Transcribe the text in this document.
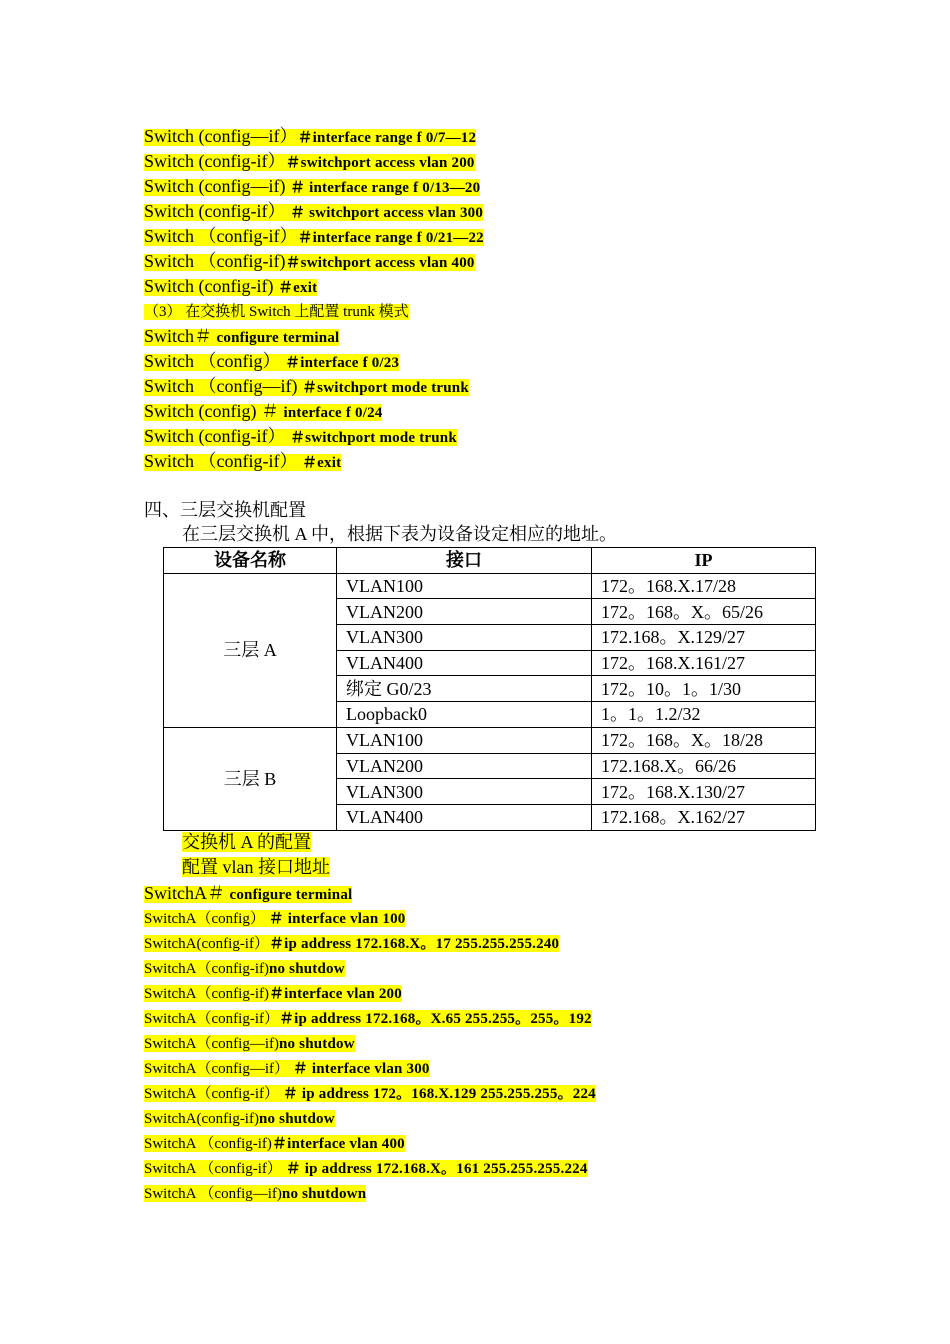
Switch (config—if）＃interface range f 0/7—12
Switch (config-if）＃switchport access vlan 200
Switch (config—if) ＃ interface range f 0/13—20
Switch (config-if） ＃ switchport access vlan 300
Switch （config-if）＃interface range f 0/21—22
Switch （config-if)＃switchport access vlan 400
Switch (config-if) ＃exit
（3） 在交换机 Switch 上配置 trunk 模式
Switch＃ configure terminal
Switch （config） ＃interface f 0/23
Switch （config—if) ＃switchport mode trunk
Switch (config) ＃ interface f 0/24
Switch (config-if） ＃switchport mode trunk
Switch （config-if） ＃exit
四、三层交换机配置
在三层交换机 A 中，根据下表为设备设定相应的地址。
设备名称	接口	IP
三层 A	VLAN100	172。168.X.17/28
	VLAN200	172。168。X。65/26
	VLAN300	172.168。X.129/27
	VLAN400	172。168.X.161/27
	绑定 G0/23	172。10。1。1/30
	Loopback0	1。1。1.2/32
三层 B	VLAN100	172。168。X。18/28
	VLAN200	172.168.X。66/26
	VLAN300	172。168.X.130/27
	VLAN400	172.168。X.162/27
交换机 A 的配置
配置 vlan 接口地址
SwitchA＃ configure terminal
SwitchA（config） ＃ interface vlan 100
SwitchA(config-if）＃ip address 172.168.X。17 255.255.255.240
SwitchA（config-if)no shutdow
SwitchA（config-if)＃interface vlan 200
SwitchA（config-if）＃ip address 172.168。X.65 255.255。255。192
SwitchA（config—if)no shutdow
SwitchA（config—if） ＃ interface vlan 300
SwitchA（config-if） ＃ ip address 172。168.X.129 255.255.255。224
SwitchA(config-if)no shutdow
SwitchA （config-if)＃interface vlan 400
SwitchA （config-if） ＃ ip address 172.168.X。161 255.255.255.224
SwitchA （config—if)no shutdown
